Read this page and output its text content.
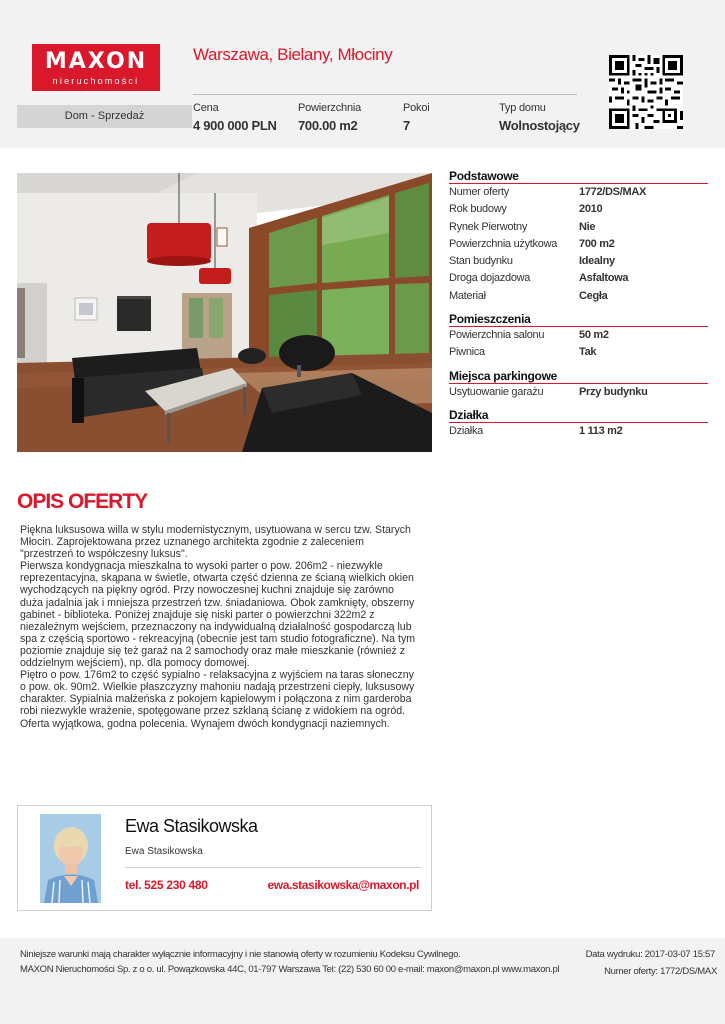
MAXON
nieruchomości
Warszawa, Bielany, Młociny
Dom - Sprzedaż
Cena
4 900 000 PLN
Powierzchnia
700.00 m2
Pokoi
7
Typ domu
Wolnostojący
Podstawowe
Numer oferty	1772/DS/MAX
Rok budowy	2010
Rynek Pierwotny	Nie
Powierzchnia użytkowa	700 m2
Stan budynku	Idealny
Droga dojazdowa	Asfaltowa
Materiał	Cegła
Pomieszczenia
Powierzchnia salonu	50 m2
Piwnica	Tak
Miejsca parkingowe
Usytuowanie garażu	Przy budynku
Działka
Działka	1 113 m2
OPIS OFERTY
Piękna luksusowa willa w stylu modernistycznym, usytuowana w sercu tzw. Starych
Młocin. Zaprojektowana przez uznanego architekta zgodnie z zaleceniem
"przestrzeń to współczesny luksus".
Pierwsza kondygnacja mieszkalna to wysoki parter o pow. 206m2 - niezwykle
reprezentacyjna, skąpana w świetle, otwarta część dzienna ze ścianą wielkich okien
wychodzących na piękny ogród. Przy nowoczesnej kuchni znajduje się zarówno
duża jadalnia jak i mniejsza przestrzeń tzw. śniadaniowa. Obok zamknięty, obszerny
gabinet - biblioteka. Poniżej znajduje się niski parter o powierzchni 322m2 z
niezależnym wejściem, przeznaczony na indywidualną działalność gospodarczą lub
spa z częścią sportowo - rekreacyjną (obecnie jest tam studio fotograficzne). Na tym
poziomie znajduje się też garaż na 2 samochody oraz małe mieszkanie (również z
oddzielnym wejściem), np. dla pomocy domowej.
Piętro o pow. 176m2 to część sypialno - relaksacyjna z wyjściem na taras słoneczny
o pow. ok. 90m2. Wielkie płaszczyzny mahoniu nadają przestrzeni ciepły, luksusowy
charakter. Sypialnia małżeńska z pokojem kąpielowym i połączona z nim garderoba
robi niezwykle wrażenie, spotęgowane przez szklaną ścianę z widokiem na ogród.
Oferta wyjątkowa, godna polecenia. Wynajem dwóch kondygnacji naziemnych.
Ewa Stasikowska
Ewa Stasikowska
tel. 525 230 480	ewa.stasikowska@maxon.pl
Niniejsze warunki mają charakter wyłącznie informacyjny i nie stanowią oferty w rozumieniu Kodeksu Cywilnego.
MAXON Nieruchomości Sp. z o o. ul. Powązkowska 44C, 01-797 Warszawa Tel: (22) 530 60 00 e-mail: maxon@maxon.pl www.maxon.pl
Data wydruku: 2017-03-07 15:57
Numer oferty: 1772/DS/MAX
